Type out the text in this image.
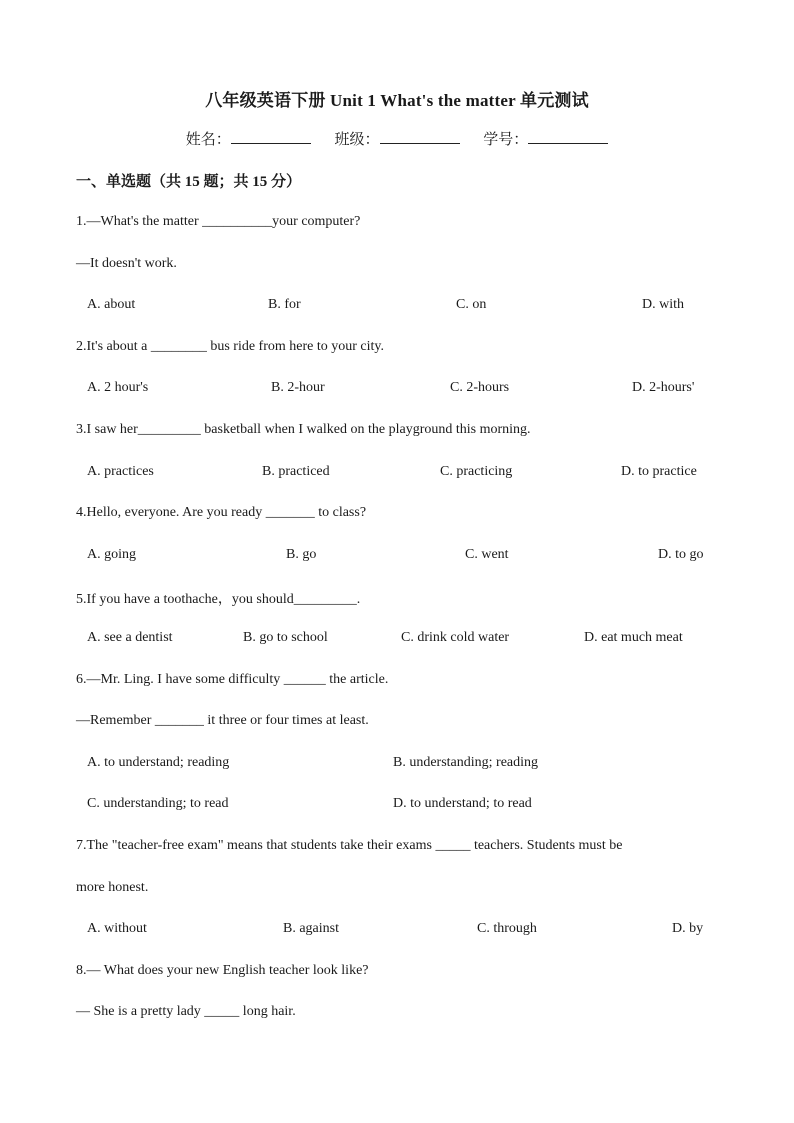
八年级英语下册 Unit 1 What's the matter 单元测试
姓名：	班级：	学号：
一、单选题（共 15 题；共 15 分）
1.—What's the matter __________your computer?
—It doesn't work.
A. about	B. for	C. on	D. with
2.It's about a ________ bus ride from here to your city.
A. 2 hour's	B. 2-hour	C. 2-hours	D. 2-hours'
3.I saw her_________ basketball when I walked on the playground this morning.
A. practices	B. practiced	C. practicing	D. to practice
4.Hello, everyone. Are you ready _______ to class?
A. going	B. go	C. went	D. to go
5.If you have a toothache，you should_________.
A. see a dentist	B. go to school	C. drink cold water	D. eat much meat
6.—Mr. Ling. I have some difficulty ______ the article.
—Remember _______ it three or four times at least.
A. to understand; reading	B. understanding; reading
C. understanding; to read	D. to understand; to read
7.The "teacher-free exam" means that students take their exams _____ teachers. Students must be
more honest.
A. without	B. against	C. through	D. by
8.— What does your new English teacher look like?
— She is a pretty lady _____ long hair.
